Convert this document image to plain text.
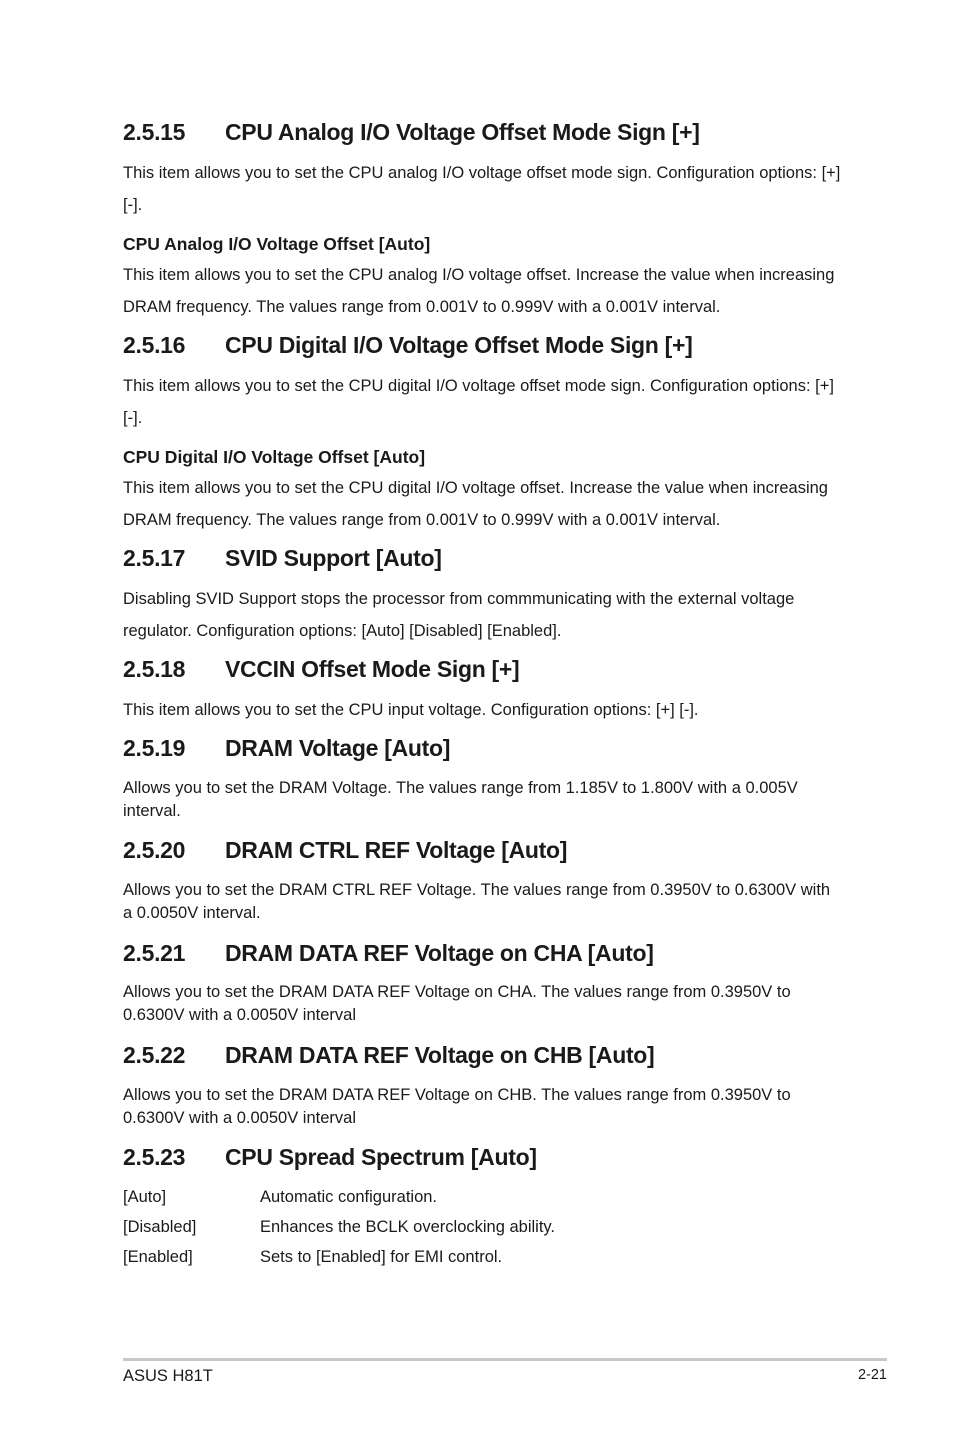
2.5.15 CPU Analog I/O Voltage Offset Mode Sign [+]

This item allows you to set the CPU analog I/O voltage offset mode sign. Configuration options: [+] [-].

CPU Analog I/O Voltage Offset [Auto]

This item allows you to set the CPU analog I/O voltage offset. Increase the value when increasing DRAM frequency. The values range from 0.001V to 0.999V with a 0.001V interval.

2.5.16 CPU Digital I/O Voltage Offset Mode Sign [+]

This item allows you to set the CPU digital I/O voltage offset mode sign. Configuration options: [+] [-].

CPU Digital I/O Voltage Offset [Auto]

This item allows you to set the CPU digital I/O voltage offset. Increase the value when increasing DRAM frequency. The values range from 0.001V to 0.999V with a 0.001V interval.

2.5.17 SVID Support [Auto]

Disabling SVID Support stops the processor from commmunicating with the external voltage regulator. Configuration options: [Auto] [Disabled] [Enabled].

2.5.18 VCCIN Offset Mode Sign [+]

This item allows you to set the CPU input voltage. Configuration options: [+] [-].

2.5.19 DRAM Voltage [Auto]

Allows you to set the DRAM Voltage. The values range from 1.185V to 1.800V with a 0.005V interval.

2.5.20 DRAM CTRL REF Voltage [Auto]

Allows you to set the DRAM CTRL REF Voltage. The values range from 0.3950V to 0.6300V with a 0.0050V interval.

2.5.21 DRAM DATA REF Voltage on CHA [Auto]

Allows you to set the DRAM DATA REF Voltage on CHA. The values range from 0.3950V to 0.6300V with a 0.0050V interval

2.5.22 DRAM DATA REF Voltage on CHB [Auto]

Allows you to set the DRAM DATA REF Voltage on CHB. The values range from 0.3950V to 0.6300V with a 0.0050V interval

2.5.23 CPU Spread Spectrum [Auto]
[Auto]	Automatic configuration.
[Disabled]	Enhances the BCLK overclocking ability.
[Enabled]	Sets to [Enabled] for EMI control.
ASUS H81T	2-21
